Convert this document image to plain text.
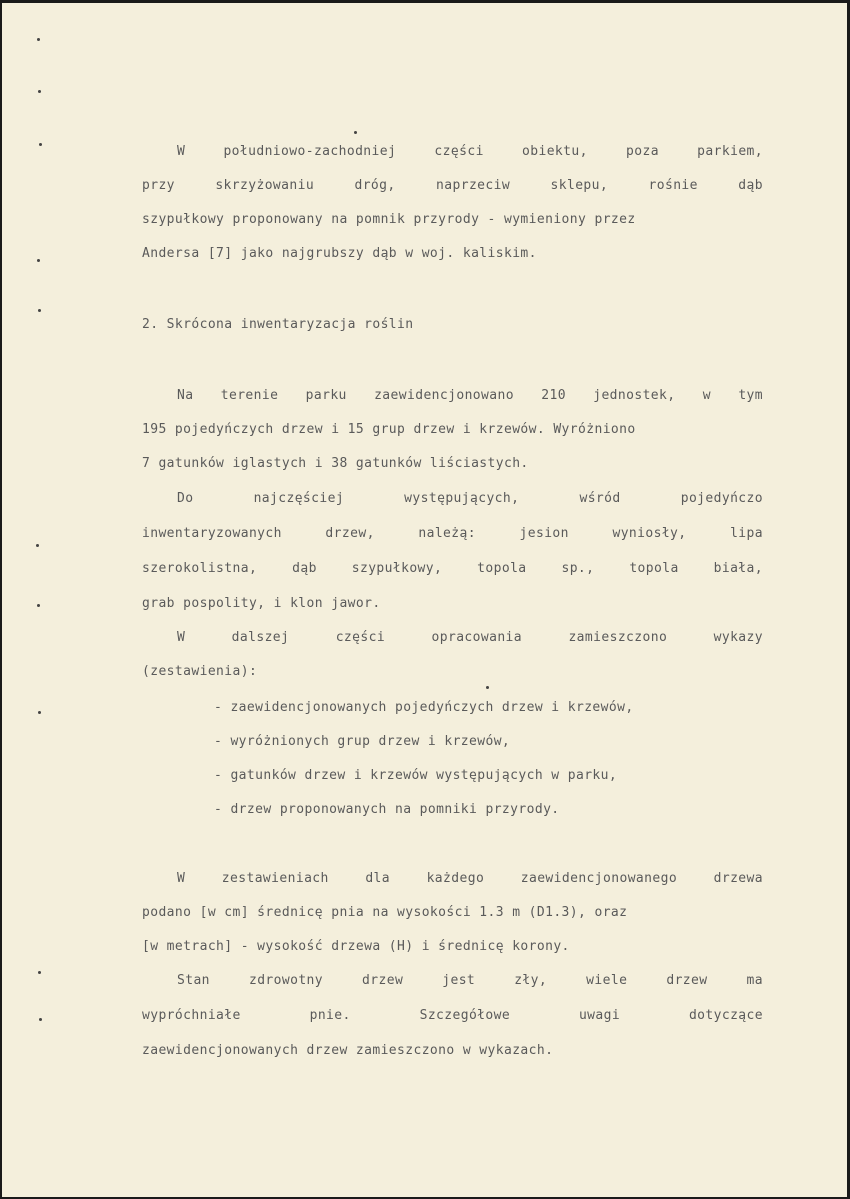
W południowo-zachodniej części obiektu, poza parkiem,

przy skrzyżowaniu dróg, naprzeciw sklepu, rośnie dąb

szypułkowy proponowany na pomnik przyrody - wymieniony przez

Andersa [7] jako najgrubszy dąb w woj. kaliskim.

2. Skrócona inwentaryzacja roślin

Na terenie parku zaewidencjonowano 210 jednostek, w tym

195 pojedyńczych drzew i 15 grup drzew i krzewów. Wyróżniono

7 gatunków iglastych i 38 gatunków liściastych.

Do najczęściej występujących, wśród pojedyńczo

inwentaryzowanych drzew, należą: jesion wyniosły, lipa

szerokolistna, dąb szypułkowy, topola sp., topola biała,

grab pospolity, i klon jawor.

W dalszej części opracowania zamieszczono wykazy

(zestawienia):

- zaewidencjonowanych pojedyńczych drzew i krzewów,

- wyróżnionych grup drzew i krzewów,

- gatunków drzew i krzewów występujących w parku,

- drzew proponowanych na pomniki przyrody.

W zestawieniach dla każdego zaewidencjonowanego drzewa

podano [w cm] średnicę pnia na wysokości 1.3 m (D1.3), oraz

[w metrach] - wysokość drzewa (H) i średnicę korony.

Stan zdrowotny drzew jest zły, wiele drzew ma

wypróchniałe pnie. Szczegółowe uwagi dotyczące

zaewidencjonowanych drzew zamieszczono w wykazach.
